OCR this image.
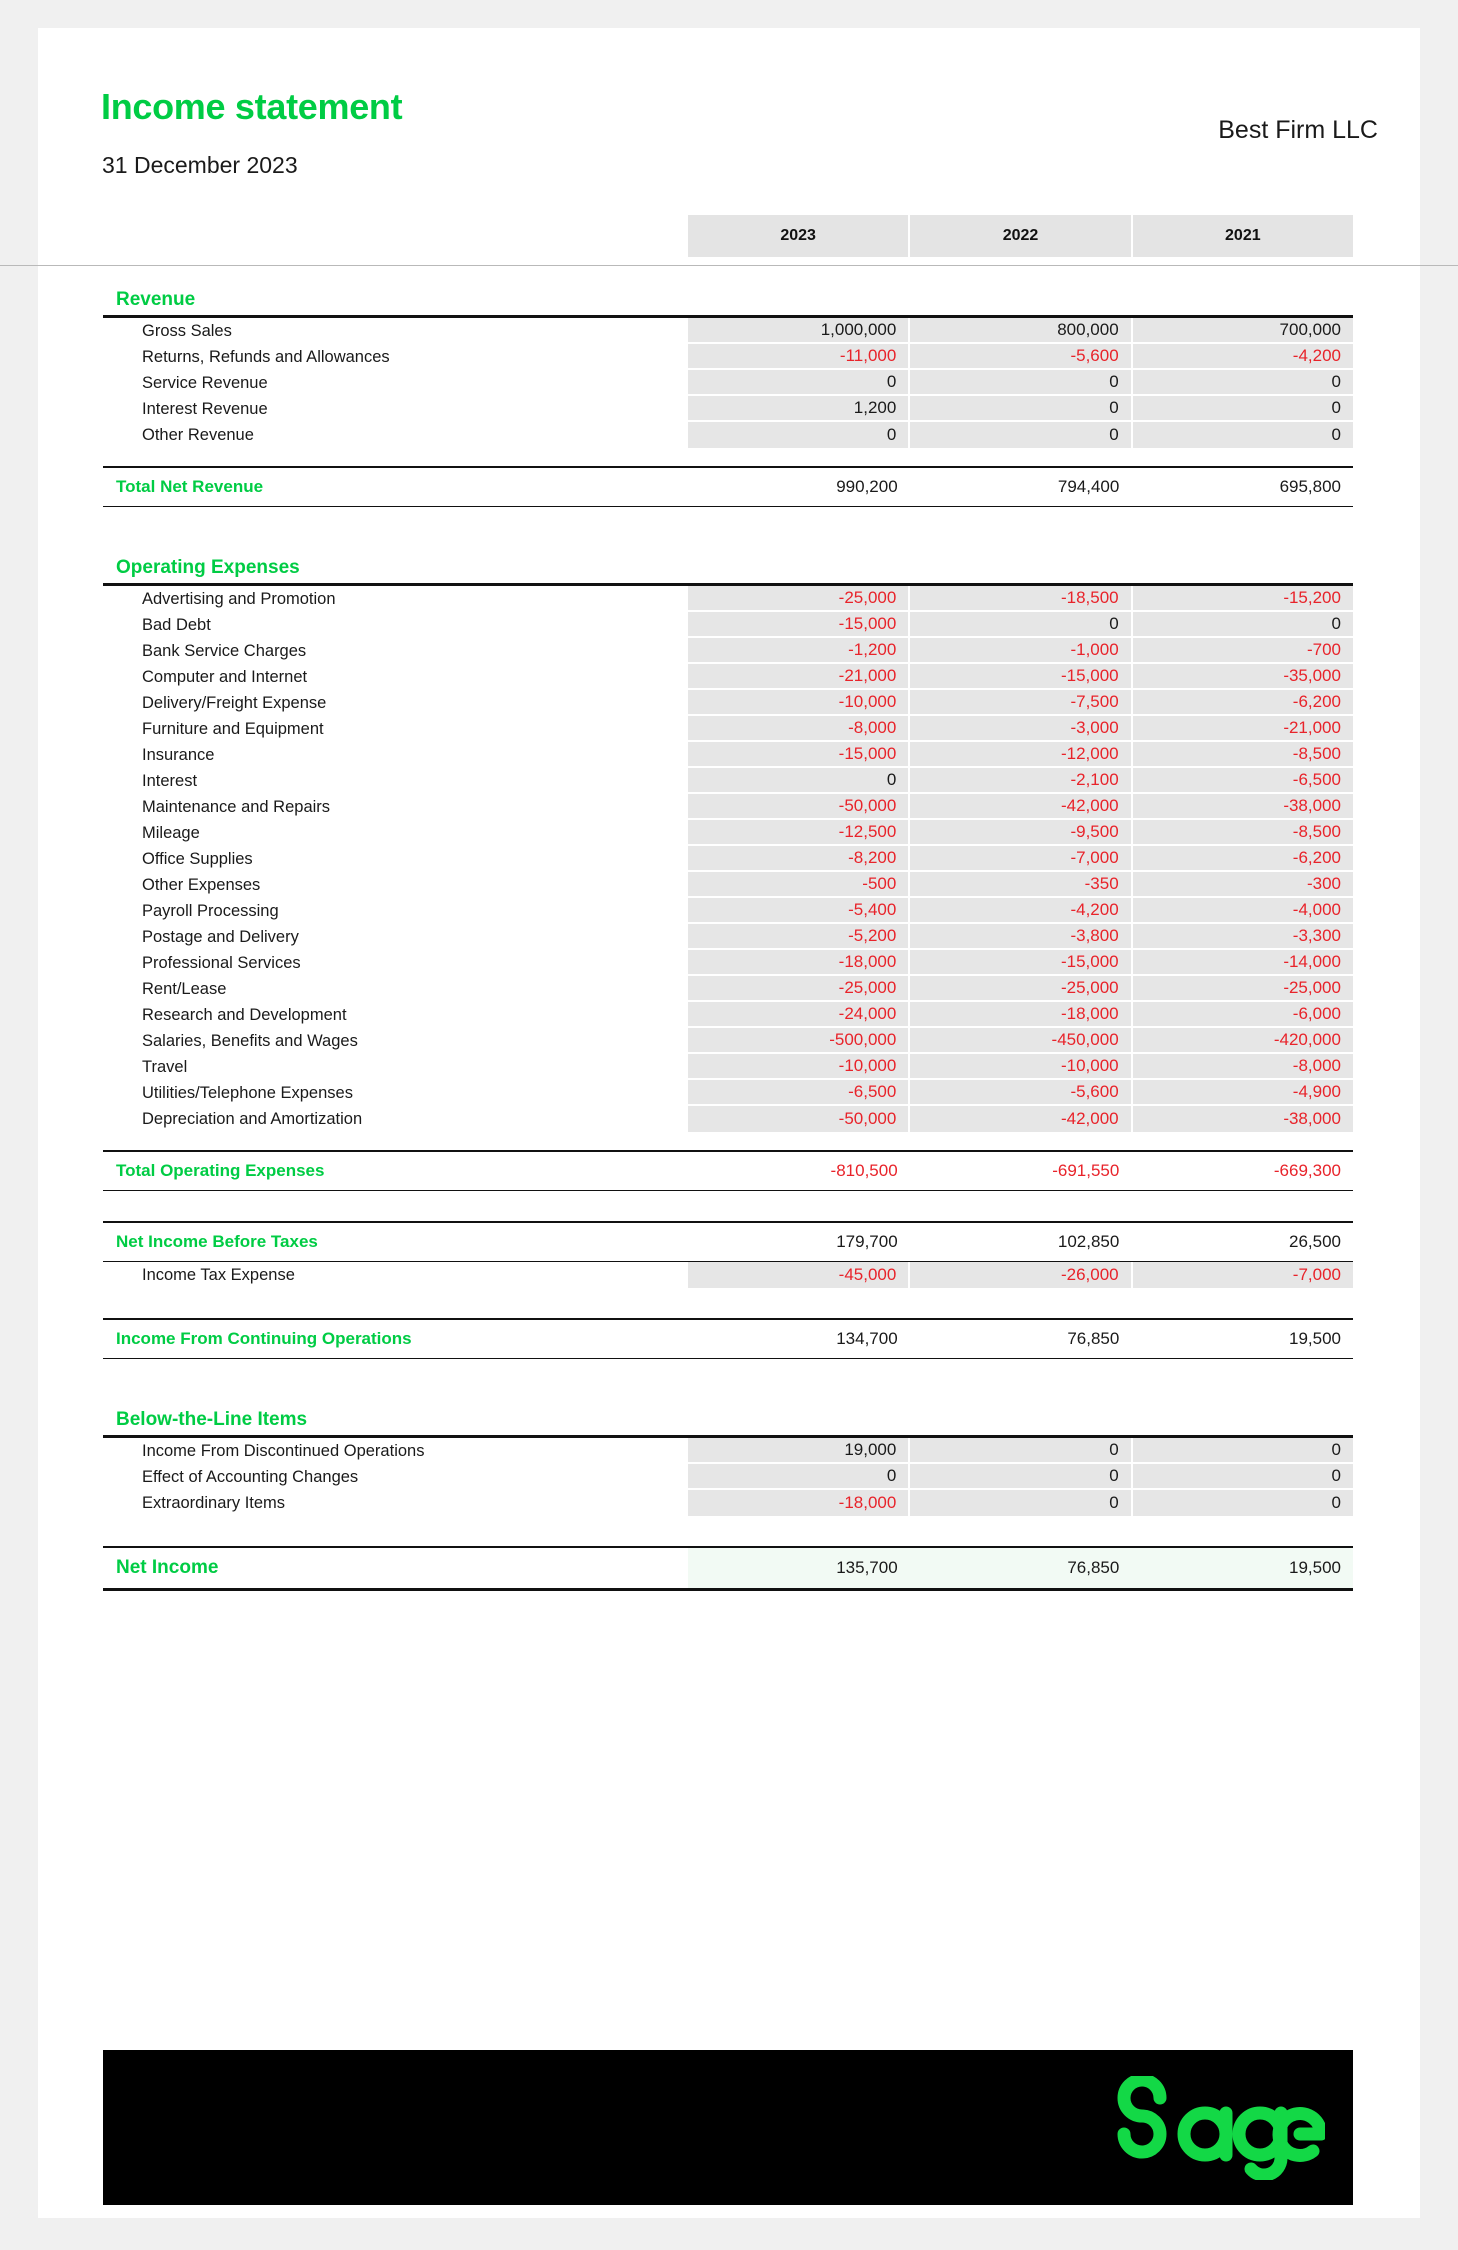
Income statement
31 December 2023
Best Firm LLC
2023	2022	2021
Revenue
Gross Sales	1,000,000	800,000	700,000
Returns, Refunds and Allowances	-11,000	-5,600	-4,200
Service Revenue	0	0	0
Interest Revenue	1,200	0	0
Other Revenue	0	0	0
Total Net Revenue	990,200	794,400	695,800
Operating Expenses
Advertising and Promotion	-25,000	-18,500	-15,200
Bad Debt	-15,000	0	0
Bank Service Charges	-1,200	-1,000	-700
Computer and Internet	-21,000	-15,000	-35,000
Delivery/Freight Expense	-10,000	-7,500	-6,200
Furniture and Equipment	-8,000	-3,000	-21,000
Insurance	-15,000	-12,000	-8,500
Interest	0	-2,100	-6,500
Maintenance and Repairs	-50,000	-42,000	-38,000
Mileage	-12,500	-9,500	-8,500
Office Supplies	-8,200	-7,000	-6,200
Other Expenses	-500	-350	-300
Payroll Processing	-5,400	-4,200	-4,000
Postage and Delivery	-5,200	-3,800	-3,300
Professional Services	-18,000	-15,000	-14,000
Rent/Lease	-25,000	-25,000	-25,000
Research and Development	-24,000	-18,000	-6,000
Salaries, Benefits and Wages	-500,000	-450,000	-420,000
Travel	-10,000	-10,000	-8,000
Utilities/Telephone Expenses	-6,500	-5,600	-4,900
Depreciation and Amortization	-50,000	-42,000	-38,000
Total Operating Expenses	-810,500	-691,550	-669,300
Net Income Before Taxes	179,700	102,850	26,500
Income Tax Expense	-45,000	-26,000	-7,000
Income From Continuing Operations	134,700	76,850	19,500
Below-the-Line Items
Income From Discontinued Operations	19,000	0	0
Effect of Accounting Changes	0	0	0
Extraordinary Items	-18,000	0	0
Net Income	135,700	76,850	19,500
